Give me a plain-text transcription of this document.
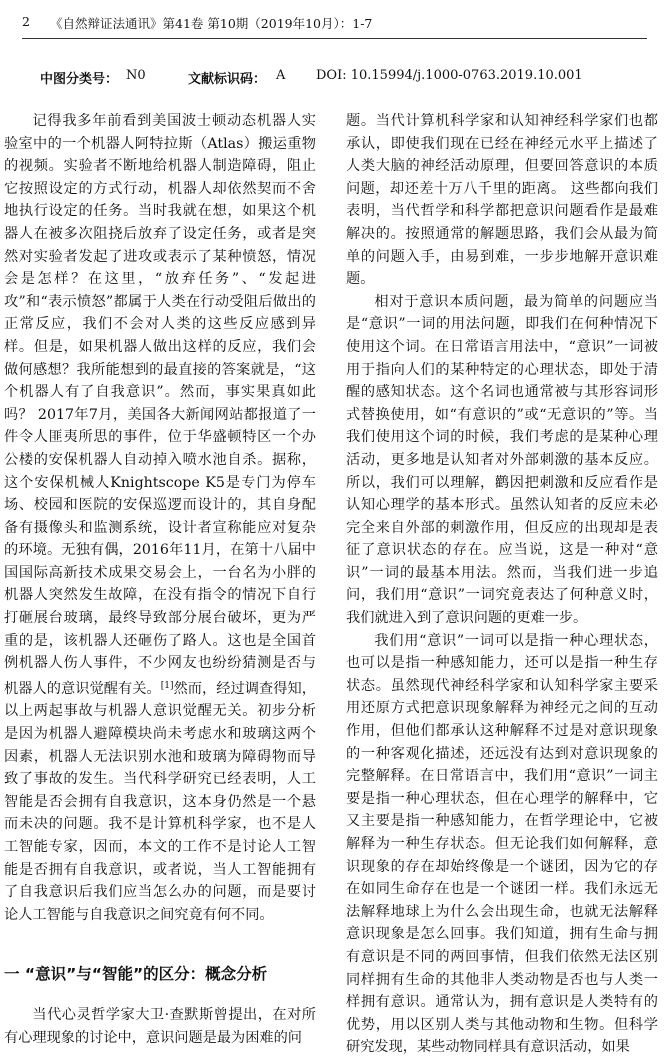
2 《自然辩证法通讯》第41卷 第10期（2019年10月）：1-7
中图分类号： N0	文献标识码： A DOI: 10.15994/j.1000-0763.2019.10.001

记得我多年前看到美国波士顿动态机器人实验室中的一个机器人阿特拉斯（Atlas）搬运重物的视频。实验者不断地给机器人制造障碍，阻止它按照设定的方式行动，机器人却依然契而不舍地执行设定的任务。当时我就在想，如果这个机器人在被多次阻挠后放弃了设定任务，或者是突然对实验者发起了进攻或表示了某种愤怒，情况会是怎样？在这里，“放弃任务”、“发起进攻”和“表示愤怒”都属于人类在行动受阻后做出的正常反应，我们不会对人类的这些反应感到异样。但是，如果机器人做出这样的反应，我们会做何感想？我所能想到的最直接的答案就是，“这个机器人有了自我意识”。然而，事实果真如此吗？ 2017年7月，美国各大新闻网站都报道了一件令人匪夷所思的事件，位于华盛顿特区一个办公楼的安保机器人自动掉入喷水池自杀。据称，这个安保机械人Knightscope K5是专门为停车场、校园和医院的安保巡逻而设计的，其自身配备有摄像头和监测系统，设计者宣称能应对复杂的环境。无独有偶，2016年11月，在第十八届中国国际高新技术成果交易会上，一台名为小胖的机器人突然发生故障，在没有指令的情况下自行打砸展台玻璃，最终导致部分展台破坏，更为严重的是，该机器人还砸伤了路人。这也是全国首例机器人伤人事件，不少网友也纷纷猜测是否与机器人的意识觉醒有关。[1]然而，经过调查得知，以上两起事故与机器人意识觉醒无关。初步分析是因为机器人避障模块尚未考虑水和玻璃这两个因素，机器人无法识别水池和玻璃为障碍物而导致了事故的发生。当代科学研究已经表明，人工智能是否会拥有自我意识，这本身仍然是一个悬而未决的问题。我不是计算机科学家，也不是人工智能专家，因而，本文的工作不是讨论人工智能是否拥有自我意识，或者说，当人工智能拥有了自我意识后我们应当怎么办的问题，而是要讨论人工智能与自我意识之间究竟有何不同。

一 “意识”与“智能”的区分：概念分析

当代心灵哲学家大卫·查默斯曾提出，在对所有心理现象的讨论中，意识问题是最为困难的问

题。当代计算机科学家和认知神经科学家们也都承认，即使我们现在已经在神经元水平上描述了人类大脑的神经活动原理，但要回答意识的本质问题，却还差十万八千里的距离。 这些都向我们表明，当代哲学和科学都把意识问题看作是最难解决的。按照通常的解题思路，我们会从最为简单的问题入手，由易到难，一步步地解开意识难题。

相对于意识本质问题，最为简单的问题应当是“意识”一词的用法问题，即我们在何种情况下使用这个词。在日常语言用法中，“意识”一词被用于指向人们的某种特定的心理状态，即处于清醒的感知状态。这个名词也通常被与其形容词形式替换使用，如“有意识的”或“无意识的”等。当我们使用这个词的时候，我们考虑的是某种心理活动，更多地是认知者对外部刺激的基本反应。所以，我们可以理解，鹳因把刺激和反应看作是认知心理学的基本形式。虽然认知者的反应未必完全来自外部的刺激作用，但反应的出现却是表征了意识状态的存在。应当说，这是一种对“意识”一词的最基本用法。然而，当我们进一步追问，我们用“意识”一词究竟表达了何种意义时，我们就进入到了意识问题的更难一步。

我们用“意识”一词可以是指一种心理状态，也可以是指一种感知能力，还可以是指一种生存状态。虽然现代神经科学家和认知科学家主要采用还原方式把意识现象解释为神经元之间的互动作用，但他们都承认这种解释不过是对意识现象的一种客观化描述，还远没有达到对意识现象的完整解释。在日常语言中，我们用“意识”一词主要是指一种心理状态，但在心理学的解释中，它又主要是指一种感知能力，在哲学理论中，它被解释为一种生存状态。但无论我们如何解释，意识现象的存在却始终像是一个谜团，因为它的存在如同生命存在也是一个谜团一样。我们永远无法解释地球上为什么会出现生命，也就无法解释意识现象是怎么回事。我们知道，拥有生命与拥有意识是不同的两回事情，但我们依然无法区别同样拥有生命的其他非人类动物是否也与人类一样拥有意识。通常认为，拥有意识是人类特有的优势，用以区别人类与其他动物和生物。但科学研究发现，某些动物同样具有意识活动，如果
